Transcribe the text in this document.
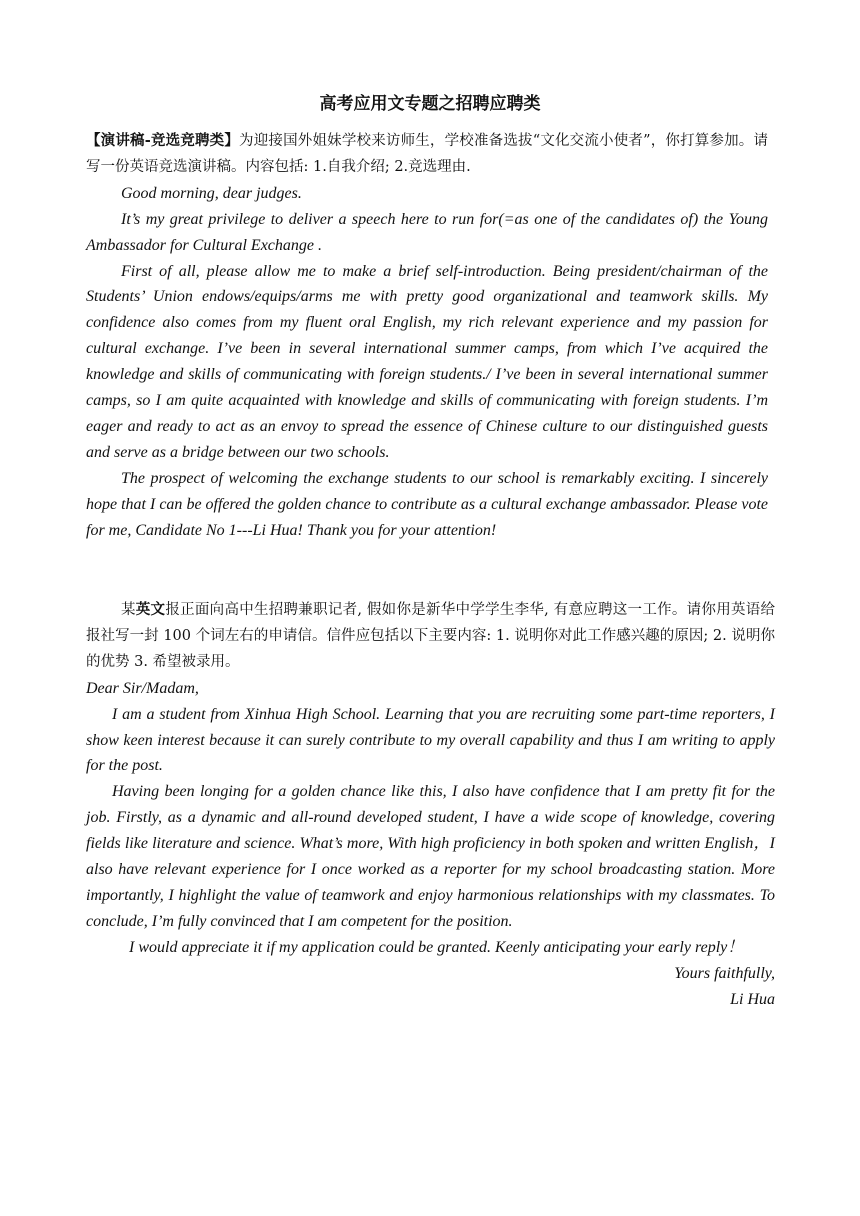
高考应用文专题之招聘应聘类

【演讲稿-竞选竞聘类】为迎接国外姐妹学校来访师生，学校准备选拔“文化交流小使者”，你打算参加。请写一份英语竞选演讲稿。内容包括: 1.自我介绍; 2.竞选理由.

Good morning, dear judges.

It’s my great privilege to deliver a speech here to run for(=as one of the candidates of) the Young Ambassador for Cultural Exchange .

First of all, please allow me to make a brief self-introduction. Being president/chairman of the Students’ Union endows/equips/arms me with pretty good organizational and teamwork skills. My confidence also comes from my fluent oral English, my rich relevant experience and my passion for cultural exchange. I’ve been in several international summer camps, from which I’ve acquired the knowledge and skills of communicating with foreign students./ I’ve been in several international summer camps, so I am quite acquainted with knowledge and skills of communicating with foreign students. I’m eager and ready to act as an envoy to spread the essence of Chinese culture to our distinguished guests and serve as a bridge between our two schools.

The prospect of welcoming the exchange students to our school is remarkably exciting. I sincerely hope that I can be offered the golden chance to contribute as a cultural exchange ambassador. Please vote for me, Candidate No 1---Li Hua! Thank you for your attention!

某英文报正面向高中生招聘兼职记者, 假如你是新华中学学生李华, 有意应聘这一工作。请你用英语给报社写一封 100 个词左右的申请信。信件应包括以下主要内容: 1. 说明你对此工作感兴趣的原因; 2. 说明你的优势 3. 希望被录用。

Dear Sir/Madam,

I am a student from Xinhua High School. Learning that you are recruiting some part-time reporters, I show keen interest because it can surely contribute to my overall capability and thus I am writing to apply for the post.

Having been longing for a golden chance like this, I also have confidence that I am pretty fit for the job. Firstly, as a dynamic and all-round developed student, I have a wide scope of knowledge, covering fields like literature and science. What’s more, With high proficiency in both spoken and written English，I also have relevant experience for I once worked as a reporter for my school broadcasting station. More importantly, I highlight the value of teamwork and enjoy harmonious relationships with my classmates. To conclude, I’m fully convinced that I am competent for the position.

I would appreciate it if my application could be granted. Keenly anticipating your early reply！

Yours faithfully,

Li Hua
